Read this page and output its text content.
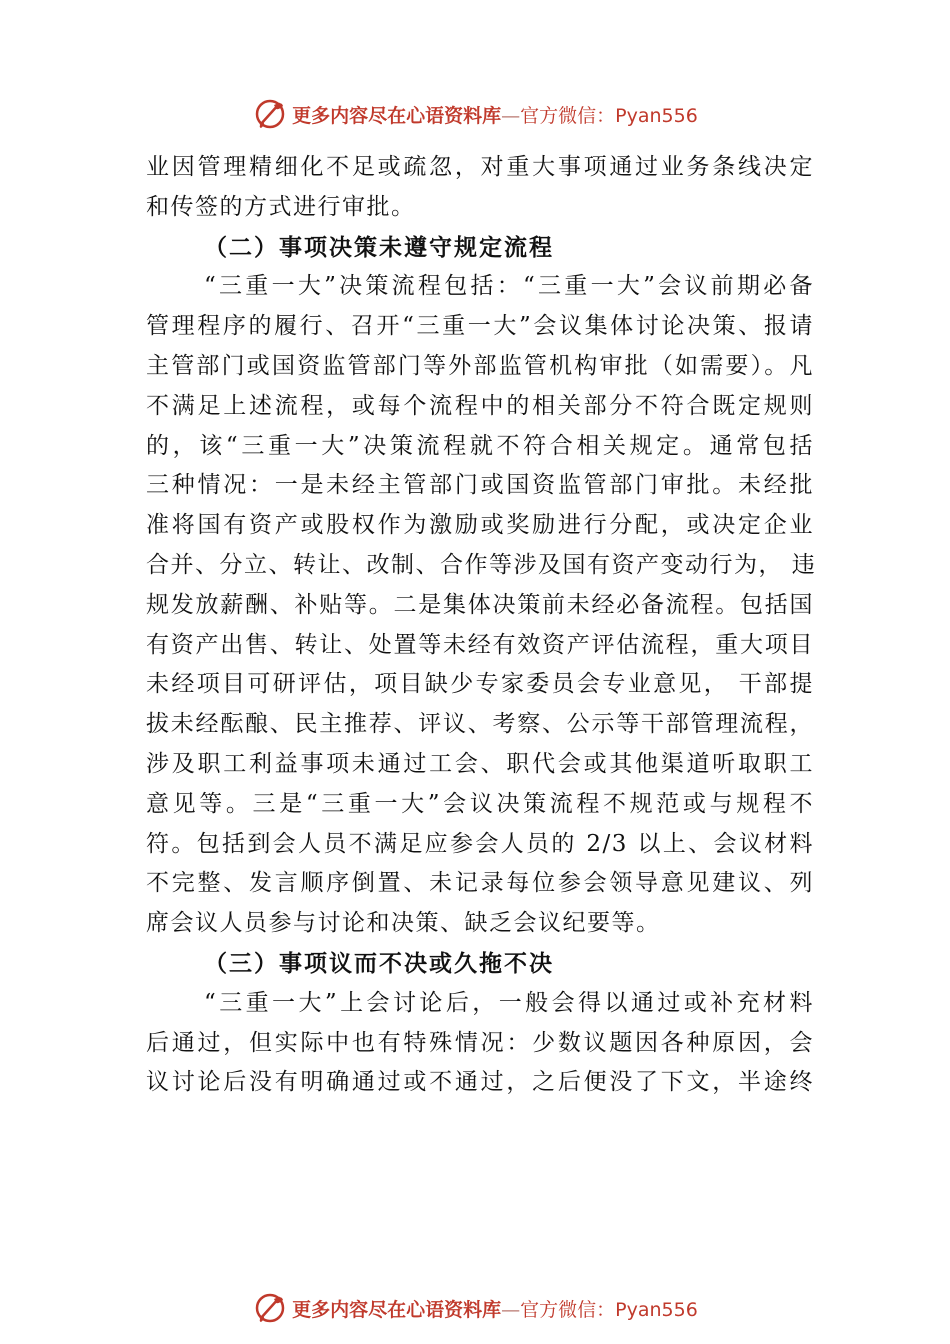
更多内容尽在心语资料库—官方微信：Pyan556
业因管理精细化不足或疏忽，对重大事项通过业务条线决定
和传签的方式进行审批。
（二）事项决策未遵守规定流程
“三重一大”决策流程包括：“三重一大”会议前期必备
管理程序的履行、召开“三重一大”会议集体讨论决策、报请
主管部门或国资监管部门等外部监管机构审批（如需要）。凡
不满足上述流程，或每个流程中的相关部分不符合既定规则
的，该“三重一大”决策流程就不符合相关规定。通常包括
三种情况：一是未经主管部门或国资监管部门审批。未经批
准将国有资产或股权作为激励或奖励进行分配，或决定企业
合并、分立、转让、改制、合作等涉及国有资产变动行为， 违
规发放薪酬、补贴等。二是集体决策前未经必备流程。包括国
有资产出售、转让、处置等未经有效资产评估流程，重大项目
未经项目可研评估，项目缺少专家委员会专业意见， 干部提
拔未经酝酿、民主推荐、评议、考察、公示等干部管理流程，
涉及职工利益事项未通过工会、职代会或其他渠道听取职工
意见等。三是“三重一大”会议决策流程不规范或与规程不
符。包括到会人员不满足应参会人员的 2/3 以上、会议材料
不完整、发言顺序倒置、未记录每位参会领导意见建议、列
席会议人员参与讨论和决策、缺乏会议纪要等。
（三）事项议而不决或久拖不决
“三重一大”上会讨论后，一般会得以通过或补充材料
后通过，但实际中也有特殊情况：少数议题因各种原因，会
议讨论后没有明确通过或不通过，之后便没了下文，半途终
更多内容尽在心语资料库—官方微信：Pyan556
